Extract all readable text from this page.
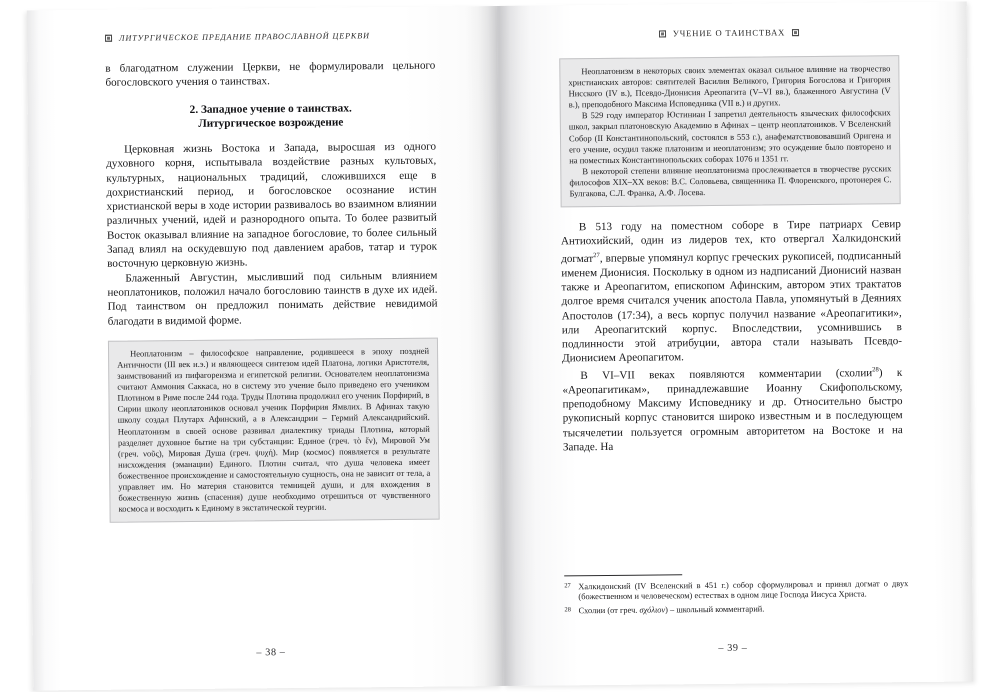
ЛИТУРГИЧЕСКОЕ ПРЕДАНИЕ ПРАВОСЛАВНОЙ ЦЕРКВИ

в благодатном служении Церкви, не формулировали цельного богословского учения о таинствах.

2. Западное учение о таинствах.
Литургическое возрождение

Церковная жизнь Востока и Запада, выросшая из одного духовного корня, испытывала воздействие разных культовых, культурных, национальных традиций, сложившихся еще в дохристианский период, и богословское осознание истин христианской веры в ходе истории развивалось во взаимном влиянии различных учений, идей и разнородного опыта. То более развитый Восток оказывал влияние на западное богословие, то более сильный Запад влиял на оскудевшую под давлением арабов, татар и турок восточную церковную жизнь.

Блаженный Августин, мысливший под сильным влиянием неоплатоников, положил начало богословию таинств в духе их идей. Под таинством он предложил понимать действие невидимой благодати в видимой форме.

Неоплатонизм – философское направление, родившееся в эпоху поздней Античности (III век н.э.) и являющееся синтезом идей Платона, логики Аристотеля, заимствований из пифагореизма и египетской религии. Основателем неоплатонизма считают Аммония Саккаса, но в систему это учение было приведено его учеником Плотином в Риме после 244 года. Труды Плотина продолжил его ученик Порфирий, в Сирии школу неоплатоников основал ученик Порфирия Ямвлих. В Афинах такую школу создал Плутарх Афинский, а в Александрии – Гермий Александрийский. Неоплатонизм в своей основе развивал диалектику триады Плотина, который разделяет духовное бытие на три субстанции: Единое (греч. τὸ ἕν), Мировой Ум (греч. νοῦς), Мировая Душа (греч. ψυχή). Мир (космос) появляется в результате нисхождения (эманации) Единого. Плотин считал, что душа человека имеет божественное происхождение и самостоятельную сущность, она не зависит от тела, а управляет им. Но материя становится темницей души, и для вхождения в божественную жизнь (спасения) душе необходимо отрешиться от чувственного космоса и восходить к Единому в экстатической теургии.

– 38 –
УЧЕНИЕ О ТАИНСТВАХ

Неоплатонизм в некоторых своих элементах оказал сильное влияние на творчество христианских авторов: святителей Василия Великого, Григория Богослова и Григория Нисского (IV в.), Псевдо-Дионисия Ареопагита (V–VI вв.), блаженного Августина (V в.), преподобного Максима Исповедника (VII в.) и других.

В 529 году император Юстиниан I запретил деятельность языческих философских школ, закрыл платоновскую Академию в Афинах – центр неоплатоников. V Вселенский Собор (II Константинопольский, состоялся в 553 г.), анафематствововавший Оригена и его учение, осудил также платонизм и неоплатонизм; это осуждение было повторено и на поместных Константинопольских соборах 1076 и 1351 гг.

В некоторой степени влияние неоплатонизма прослеживается в творчестве русских философов XIX–XX веков: В.С. Соловьева, священника П. Флоренского, протоиерея С. Булгакова, С.Л. Франка, А.Ф. Лосева.

В 513 году на поместном соборе в Тире патриарх Севир Антиохийский, один из лидеров тех, кто отвергал Халкидонский догмат$^{27}$, впервые упомянул корпус греческих рукописей, подписанный именем Дионисия. Поскольку в одном из надписаний Дионисий назван также и Ареопагитом, епископом Афинским, автором этих трактатов долгое время считался ученик апостола Павла, упомянутый в Деяниях Апостолов (17:34), а весь корпус получил название «Ареопагитики», или Ареопагитский корпус. Впоследствии, усомнившись в подлинности этой атрибуции, автора стали называть Псевдо-Дионисием Ареопагитом.

В VI–VII веках появляются комментарии (схолии$^{28}$) к «Ареопагитикам», принадлежавшие Иоанну Скифопольскому, преподобному Максиму Исповеднику и др. Относительно быстро рукописный корпус становится широко известным и в последующем тысячелетии пользуется огромным авторитетом на Востоке и на Западе. На

27 Халкидонский (IV Вселенский в 451 г.) собор сформулировал и принял догмат о двух (божественном и человеческом) естествах в одном лице Господа Иисуса Христа.
28 Схолии (от греч. σχόλιον) – школьный комментарий.
– 39 –
